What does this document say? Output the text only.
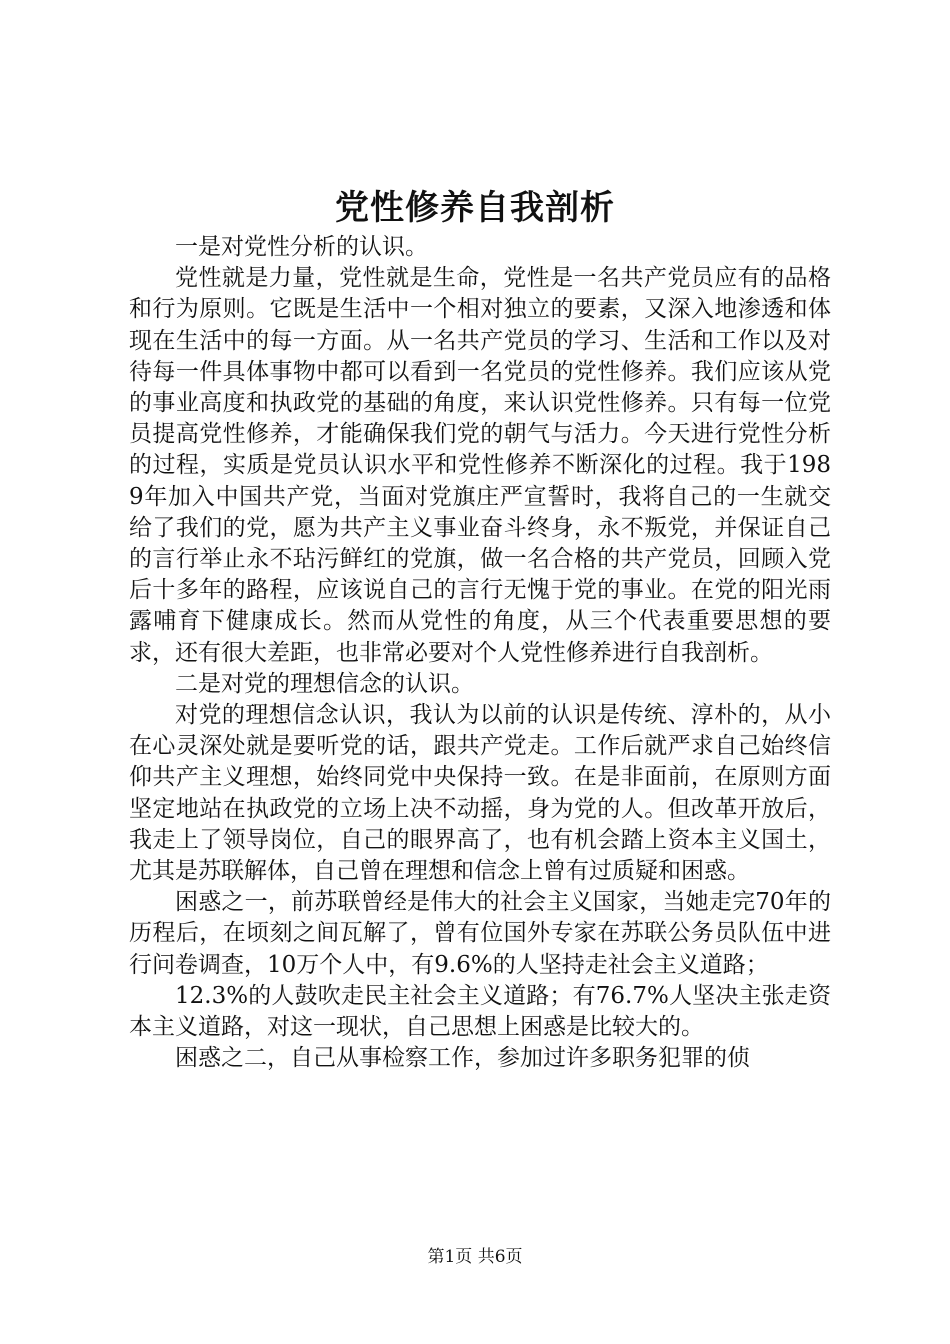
党性修养自我剖析

一是对党性分析的认识。

党性就是力量，党性就是生命，党性是一名共产党员应有的品格和行为原则。它既是生活中一个相对独立的要素，又深入地渗透和体现在生活中的每一方面。从一名共产党员的学习、生活和工作以及对待每一件具体事物中都可以看到一名党员的党性修养。我们应该从党的事业高度和执政党的基础的角度，来认识党性修养。只有每一位党员提高党性修养，才能确保我们党的朝气与活力。今天进行党性分析的过程，实质是党员认识水平和党性修养不断深化的过程。我于1989年加入中国共产党，当面对党旗庄严宣誓时，我将自己的一生就交给了我们的党，愿为共产主义事业奋斗终身，永不叛党，并保证自己的言行举止永不玷污鲜红的党旗，做一名合格的共产党员，回顾入党后十多年的路程，应该说自己的言行无愧于党的事业。在党的阳光雨露哺育下健康成长。然而从党性的角度，从三个代表重要思想的要求，还有很大差距，也非常必要对个人党性修养进行自我剖析。

二是对党的理想信念的认识。

对党的理想信念认识，我认为以前的认识是传统、淳朴的，从小在心灵深处就是要听党的话，跟共产党走。工作后就严求自己始终信仰共产主义理想，始终同党中央保持一致。在是非面前，在原则方面坚定地站在执政党的立场上决不动摇，身为党的人。但改革开放后，我走上了领导岗位，自己的眼界高了，也有机会踏上资本主义国土，尤其是苏联解体，自己曾在理想和信念上曾有过质疑和困惑。

困惑之一，前苏联曾经是伟大的社会主义国家，当她走完70年的历程后，在顷刻之间瓦解了，曾有位国外专家在苏联公务员队伍中进行问卷调查，10万个人中，有9.6%的人坚持走社会主义道路；

12.3%的人鼓吹走民主社会主义道路；有76.7%人坚决主张走资本主义道路，对这一现状，自己思想上困惑是比较大的。

困惑之二，自己从事检察工作，参加过许多职务犯罪的侦

第1页 共6页
